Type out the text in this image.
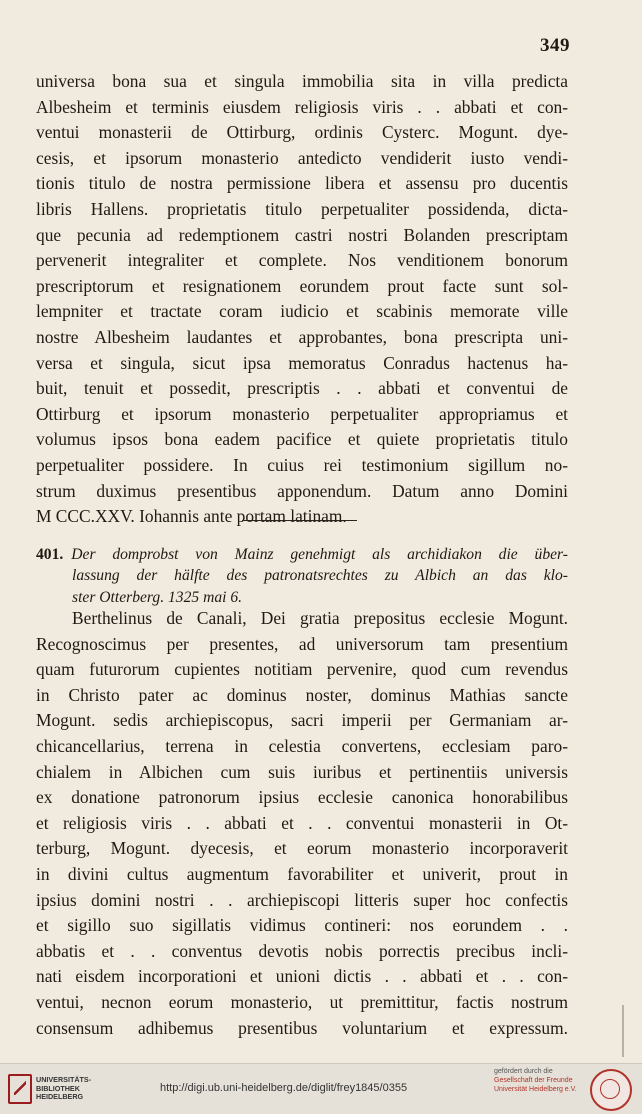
349
universa bona sua et singula immobilia sita in villa predicta
Albesheim et terminis eiusdem religiosis viris . . abbati et con-
ventui monasterii de Ottirburg, ordinis Cysterc. Mogunt. dye-
cesis, et ipsorum monasterio antedicto vendiderit iusto vendi-
tionis titulo de nostra permissione libera et assensu pro ducentis
libris Hallens. proprietatis titulo perpetualiter possidenda, dicta-
que pecunia ad redemptionem castri nostri Bolanden prescriptam
pervenerit integraliter et complete. Nos venditionem bonorum
prescriptorum et resignationem eorundem prout facte sunt sol-
lempniter et tractate coram iudicio et scabinis memorate ville
nostre Albesheim laudantes et approbantes, bona prescripta uni-
versa et singula, sicut ipsa memoratus Conradus hactenus ha-
buit, tenuit et possedit, prescriptis . . abbati et conventui de
Ottirburg et ipsorum monasterio perpetualiter appropriamus et
volumus ipsos bona eadem pacifice et quiete proprietatis titulo
perpetualiter possidere. In cuius rei testimonium sigillum no-
strum duximus presentibus apponendum. Datum anno Domini
M CCC.XXV. Iohannis ante portam latinam.
401. Der domprobst von Mainz genehmigt als archidiakon die über-
lassung der hälfte des patronatsrechtes zu Albich an das klo-
ster Otterberg. 1325 mai 6.
Berthelinus de Canali, Dei gratia prepositus ecclesie Mogunt.
Recognoscimus per presentes, ad universorum tam presentium
quam futurorum cupientes notitiam pervenire, quod cum revendus
in Christo pater ac dominus noster, dominus Mathias sancte
Mogunt. sedis archiepiscopus, sacri imperii per Germaniam ar-
chicancellarius, terrena in celestia convertens, ecclesiam paro-
chialem in Albichen cum suis iuribus et pertinentiis universis
ex donatione patronorum ipsius ecclesie canonica honorabilibus
et religiosis viris . . abbati et . . conventui monasterii in Ot-
terburg, Mogunt. dyecesis, et eorum monasterio incorporaverit
in divini cultus augmentum favorabiliter et univerit, prout in
ipsius domini nostri . . archiepiscopi litteris super hoc confectis
et sigillo suo sigillatis vidimus contineri: nos eorundem . .
abbatis et . . conventus devotis nobis porrectis precibus incli-
nati eisdem incorporationi et unioni dictis . . abbati et . . con-
ventui, necnon eorum monasterio, ut premittitur, factis nostrum
consensum adhibemus presentibus voluntarium et expressum.
UNIVERSITÄTS-
BIBLIOTHEK
HEIDELBERG
http://digi.ub.uni-heidelberg.de/diglit/frey1845/0355
gefördert durch die
Gesellschaft der Freunde
Universität Heidelberg e.V.
